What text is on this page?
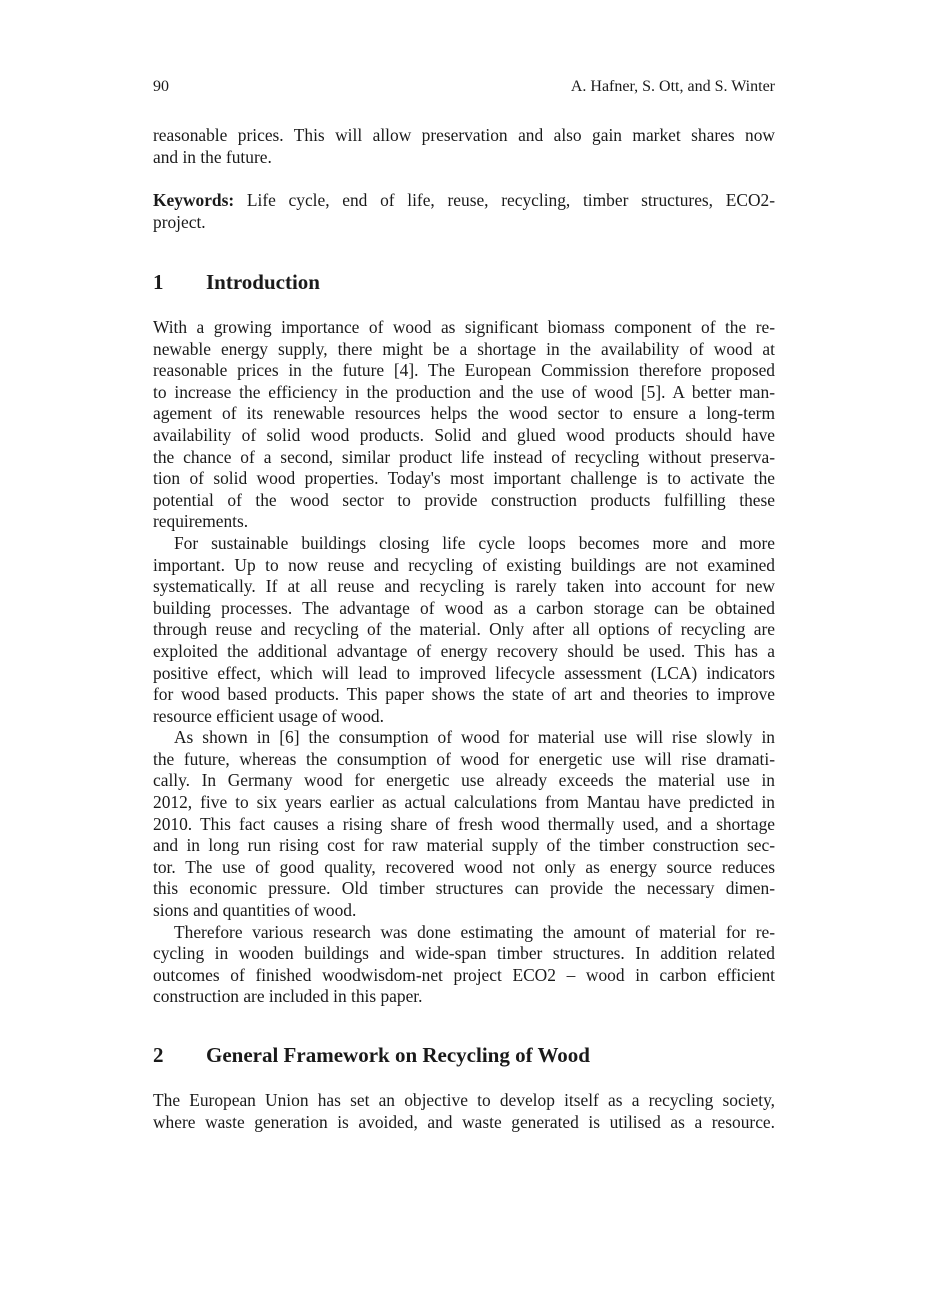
90	A. Hafner, S. Ott, and S. Winter
reasonable prices. This will allow preservation and also gain market shares now
and in the future.
Keywords: Life cycle, end of life, reuse, recycling, timber structures, ECO2-
project.
1 Introduction
With a growing importance of wood as significant biomass component of the re-
newable energy supply, there might be a shortage in the availability of wood at
reasonable prices in the future [4]. The European Commission therefore proposed
to increase the efficiency in the production and the use of wood [5]. A better man-
agement of its renewable resources helps the wood sector to ensure a long-term
availability of solid wood products. Solid and glued wood products should have
the chance of a second, similar product life instead of recycling without preserva-
tion of solid wood properties. Today's most important challenge is to activate the
potential of the wood sector to provide construction products fulfilling these
requirements.
For sustainable buildings closing life cycle loops becomes more and more
important. Up to now reuse and recycling of existing buildings are not examined
systematically. If at all reuse and recycling is rarely taken into account for new
building processes. The advantage of wood as a carbon storage can be obtained
through reuse and recycling of the material. Only after all options of recycling are
exploited the additional advantage of energy recovery should be used. This has a
positive effect, which will lead to improved lifecycle assessment (LCA) indicators
for wood based products. This paper shows the state of art and theories to improve
resource efficient usage of wood.
As shown in [6] the consumption of wood for material use will rise slowly in
the future, whereas the consumption of wood for energetic use will rise dramati-
cally. In Germany wood for energetic use already exceeds the material use in
2012, five to six years earlier as actual calculations from Mantau have predicted in
2010. This fact causes a rising share of fresh wood thermally used, and a shortage
and in long run rising cost for raw material supply of the timber construction sec-
tor. The use of good quality, recovered wood not only as energy source reduces
this economic pressure. Old timber structures can provide the necessary dimen-
sions and quantities of wood.
Therefore various research was done estimating the amount of material for re-
cycling in wooden buildings and wide-span timber structures. In addition related
outcomes of finished woodwisdom-net project ECO2 – wood in carbon efficient
construction are included in this paper.
2 General Framework on Recycling of Wood
The European Union has set an objective to develop itself as a recycling society,
where waste generation is avoided, and waste generated is utilised as a resource.
